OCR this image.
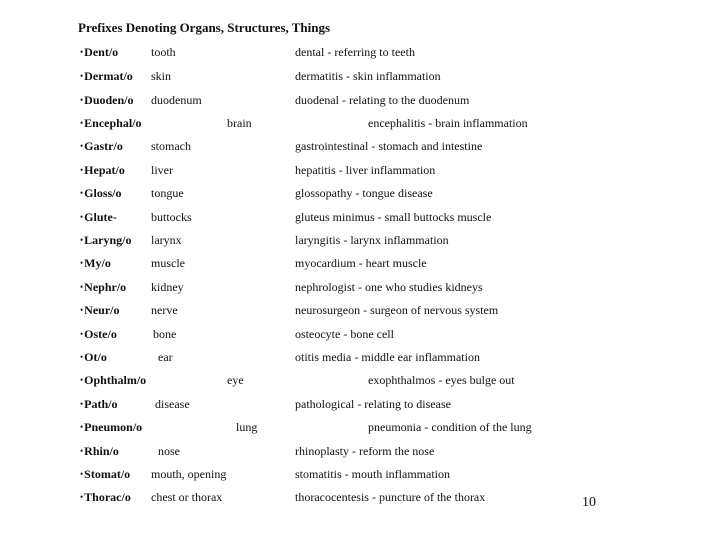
Prefixes Denoting Organs, Structures, Things
•Dent/o	tooth	dental - referring to teeth
•Dermat/o skin	dermatitis - skin inflammation
•Duoden/o duodenum	duodenal - relating to the duodenum
•Encephal/o	brain	encephalitis - brain inflammation
•Gastr/o stomach	gastrointestinal - stomach and intestine
•Hepat/o liver	hepatitis - liver inflammation
•Gloss/o tongue	glossopathy - tongue disease
•Glute-	buttocks	gluteus minimus - small buttocks muscle
•Laryng/o larynx	laryngitis - larynx inflammation
•My/o	muscle	myocardium - heart muscle
•Nephr/o kidney	nephrologist - one who studies kidneys
•Neur/o	nerve	neurosurgeon - surgeon of nervous system
•Oste/o	bone	osteocyte - bone cell
•Ot/o	ear	otitis media - middle ear inflammation
•Ophthalm/o	eye	exophthalmos - eyes bulge out
•Path/o	disease	pathological - relating to disease
•Pneumon/o	lung	pneumonia - condition of the lung
•Rhin/o	nose	rhinoplasty - reform the nose
•Stomat/o mouth, opening	stomatitis - mouth inflammation
•Thorac/o chest or thorax	thoracocentesis - puncture of the thorax	10
